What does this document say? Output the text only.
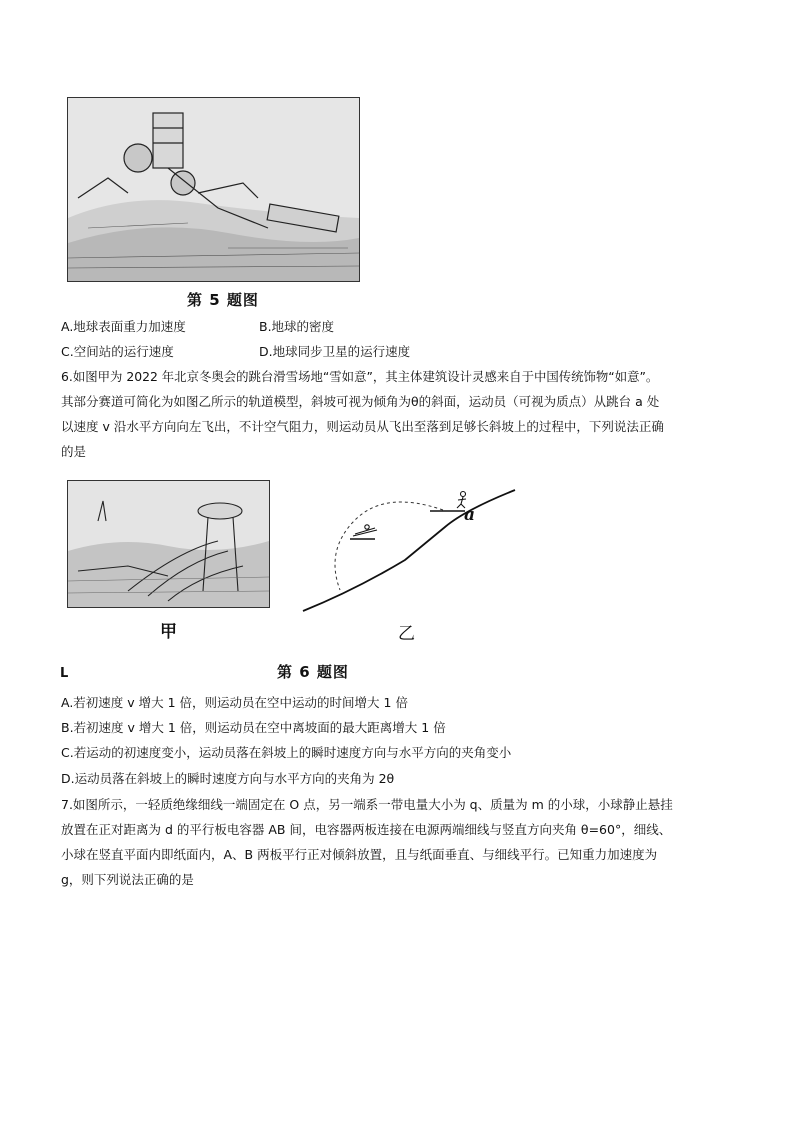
第 5 题图
A.地球表面重力加速度	B.地球的密度
C.空间站的运行速度	D.地球同步卫星的运行速度
6.如图甲为 2022 年北京冬奥会的跳台滑雪场地“雪如意”，其主体建筑设计灵感来自于中国传统饰物“如意”。
其部分赛道可简化为如图乙所示的轨道模型，斜坡可视为倾角为θ的斜面，运动员（可视为质点）从跳台 a 处
以速度 v 沿水平方向向左飞出，不计空气阻力，则运动员从飞出至落到足够长斜坡上的过程中，下列说法正确
的是
a
甲	乙
L	第 6 题图
A.若初速度 v 增大 1 倍，则运动员在空中运动的时间增大 1 倍
B.若初速度 v 增大 1 倍，则运动员在空中离坡面的最大距离增大 1 倍
C.若运动的初速度变小，运动员落在斜坡上的瞬时速度方向与水平方向的夹角变小
D.运动员落在斜坡上的瞬时速度方向与水平方向的夹角为 2θ
7.如图所示，一轻质绝缘细线一端固定在 O 点，另一端系一带电量大小为 q、质量为 m 的小球，小球静止悬挂
放置在正对距离为 d 的平行板电容器 AB 间，电容器两板连接在电源两端细线与竖直方向夹角 θ=60°，细线、
小球在竖直平面内即纸面内，A、B 两板平行正对倾斜放置，且与纸面垂直、与细线平行。已知重力加速度为
g，则下列说法正确的是
